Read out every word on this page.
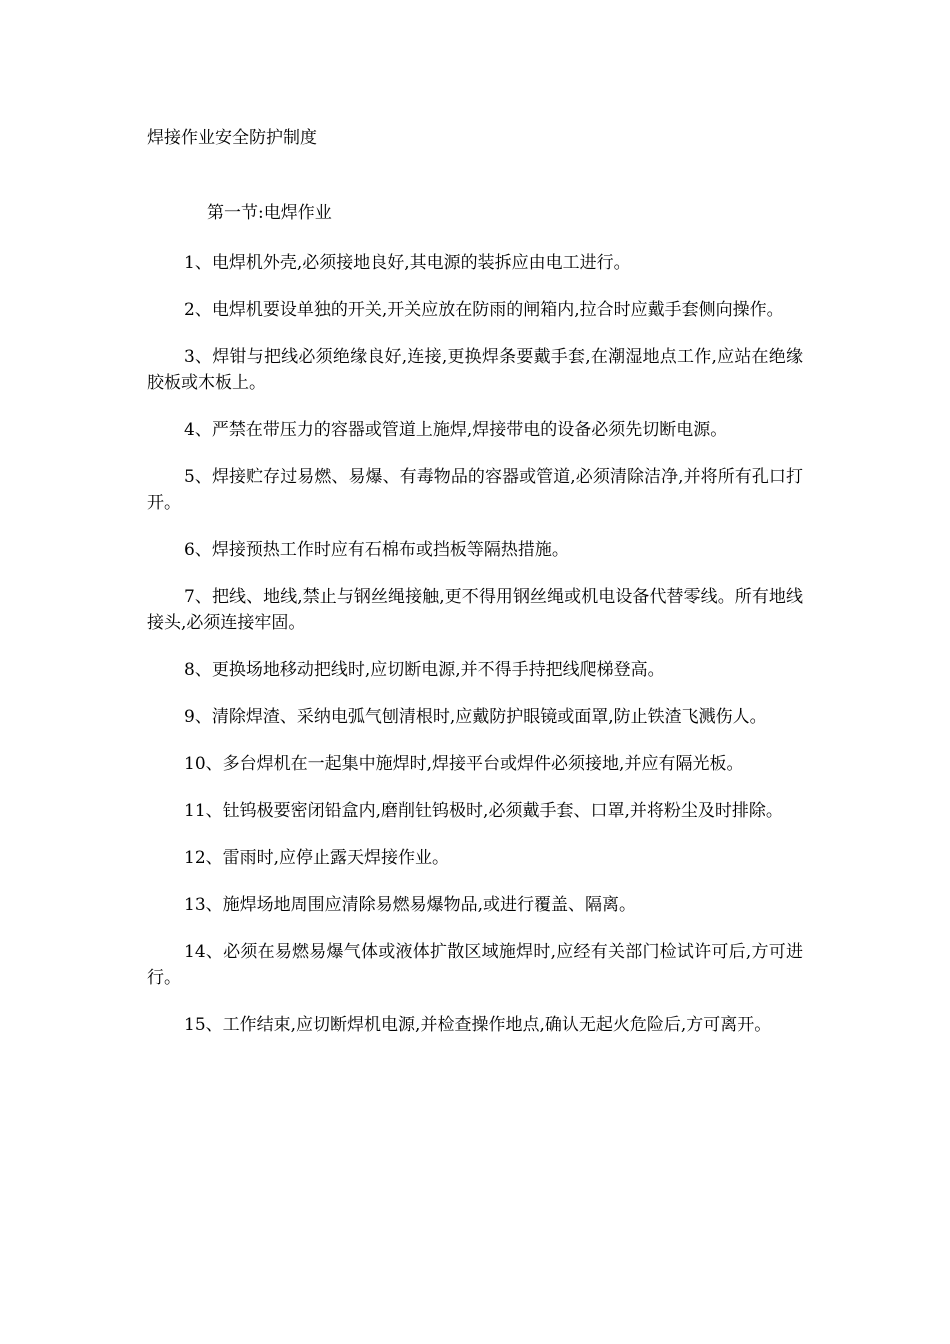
焊接作业安全防护制度
第一节:电焊作业
1、电焊机外壳,必须接地良好,其电源的装拆应由电工进行。
2、电焊机要设单独的开关,开关应放在防雨的闸箱内,拉合时应戴手套侧向操作。
3、焊钳与把线必须绝缘良好,连接,更换焊条要戴手套,在潮湿地点工作,应站在绝缘胶板或木板上。
4、严禁在带压力的容器或管道上施焊,焊接带电的设备必须先切断电源。
5、焊接贮存过易燃、易爆、有毒物品的容器或管道,必须清除洁净,并将所有孔口打开。
6、焊接预热工作时应有石棉布或挡板等隔热措施。
7、把线、地线,禁止与钢丝绳接触,更不得用钢丝绳或机电设备代替零线。所有地线接头,必须连接牢固。
8、更换场地移动把线时,应切断电源,并不得手持把线爬梯登高。
9、清除焊渣、采纳电弧气刨清根时,应戴防护眼镜或面罩,防止铁渣飞溅伤人。
10、多台焊机在一起集中施焊时,焊接平台或焊件必须接地,并应有隔光板。
11、钍钨极要密闭铅盒内,磨削钍钨极时,必须戴手套、口罩,并将粉尘及时排除。
12、雷雨时,应停止露天焊接作业。
13、施焊场地周围应清除易燃易爆物品,或进行覆盖、隔离。
14、必须在易燃易爆气体或液体扩散区域施焊时,应经有关部门检试许可后,方可进行。
15、工作结束,应切断焊机电源,并检查操作地点,确认无起火危险后,方可离开。
